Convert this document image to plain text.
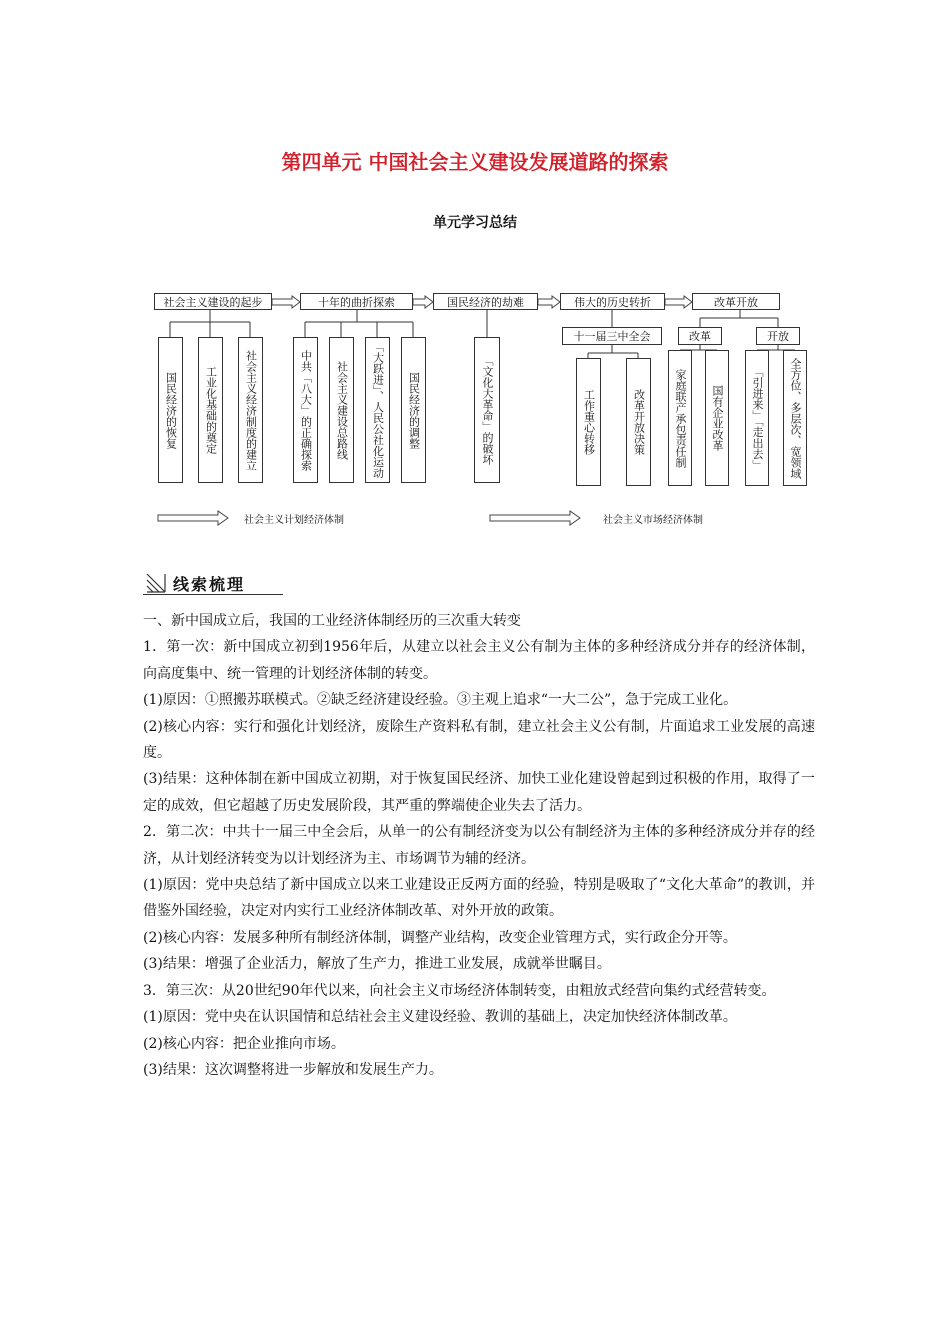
第四单元 中国社会主义建设发展道路的探索
单元学习总结
社会主义建设的起步	十年的曲折探索	国民经济的劫难	伟大的历史转折	改革开放
十一届三中全会	改革	开放
国民经济的恢复 工业化基础的奠定 社会主义经济制度的建立	中共「八大」的正确探索 社会主义建设总路线 「大跃进」、人民公社化运动 国民经济的调整	「文化大革命」的破坏	工作重心转移	改革开放决策	家庭联产承包责任制 国有企业改革 「引进来」「走出去」 全方位、多层次、宽领域
社会主义计划经济体制	社会主义市场经济体制
线索梳理

一、新中国成立后，我国的工业经济体制经历的三次重大转变

1．第一次：新中国成立初到1956年后，从建立以社会主义公有制为主体的多种经济成分并存的经济体制，向高度集中、统一管理的计划经济体制的转变。

(1)原因：①照搬苏联模式。②缺乏经济建设经验。③主观上追求“一大二公”，急于完成工业化。

(2)核心内容：实行和强化计划经济，废除生产资料私有制，建立社会主义公有制，片面追求工业发展的高速度。

(3)结果：这种体制在新中国成立初期，对于恢复国民经济、加快工业化建设曾起到过积极的作用，取得了一定的成效，但它超越了历史发展阶段，其严重的弊端使企业失去了活力。

2．第二次：中共十一届三中全会后，从单一的公有制经济变为以公有制经济为主体的多种经济成分并存的经济，从计划经济转变为以计划经济为主、市场调节为辅的经济。

(1)原因：党中央总结了新中国成立以来工业建设正反两方面的经验，特别是吸取了“文化大革命”的教训，并借鉴外国经验，决定对内实行工业经济体制改革、对外开放的政策。

(2)核心内容：发展多种所有制经济体制，调整产业结构，改变企业管理方式，实行政企分开等。

(3)结果：增强了企业活力，解放了生产力，推进工业发展，成就举世瞩目。

3．第三次：从20世纪90年代以来，向社会主义市场经济体制转变，由粗放式经营向集约式经营转变。

(1)原因：党中央在认识国情和总结社会主义建设经验、教训的基础上，决定加快经济体制改革。

(2)核心内容：把企业推向市场。

(3)结果：这次调整将进一步解放和发展生产力。
